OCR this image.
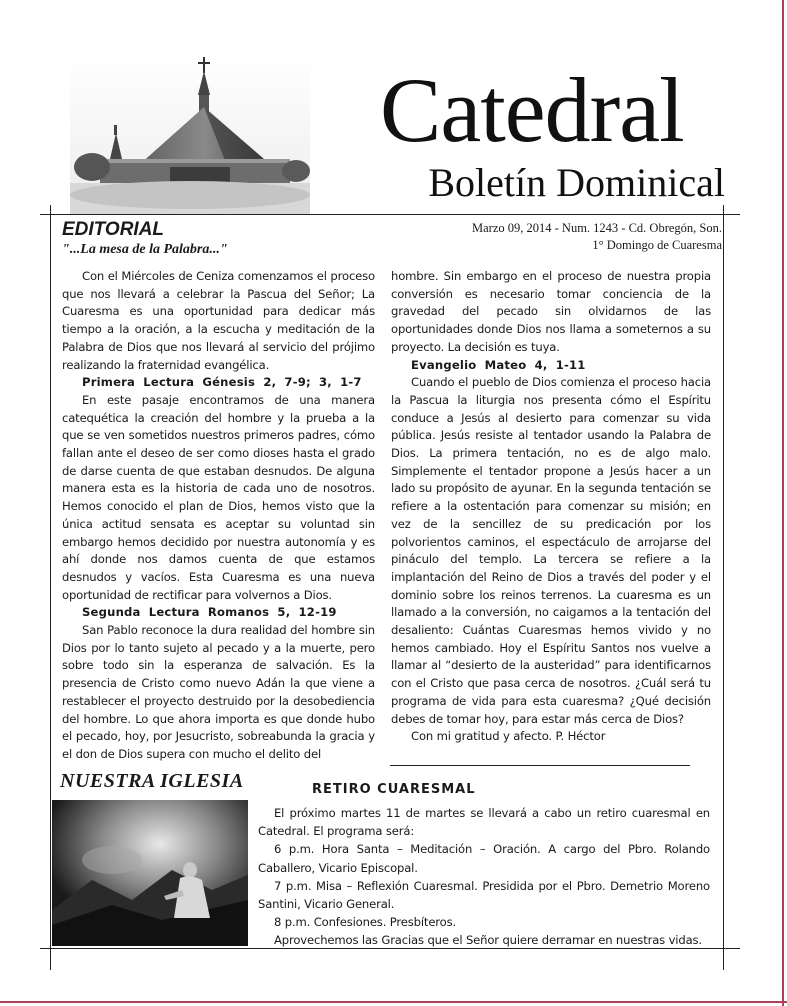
Catedral
Boletín Dominical
EDITORIAL
"...La mesa de la Palabra..."
Marzo 09, 2014 - Num. 1243 - Cd. Obregón, Son.
1° Domingo de Cuaresma

Con el Miércoles de Ceniza comenzamos el proceso que nos llevará a celebrar la Pascua del Señor; La Cuaresma es una oportunidad para dedicar más tiempo a la oración, a la escucha y meditación de la Palabra de Dios que nos llevará al servicio del prójimo realizando la fraternidad evangélica.

Primera Lectura Génesis 2, 7-9; 3, 1-7

En este pasaje encontramos de una manera catequética la creación del hombre y la prueba a la que se ven sometidos nuestros primeros padres, cómo fallan ante el deseo de ser como dioses hasta el grado de darse cuenta de que estaban desnudos. De alguna manera esta es la historia de cada uno de nosotros. Hemos conocido el plan de Dios, hemos visto que la única actitud sensata es aceptar su voluntad sin embargo hemos decidido por nuestra autonomía y es ahí donde nos damos cuenta de que estamos desnudos y vacíos. Esta Cuaresma es una nueva oportunidad de rectificar para volvernos a Dios.

Segunda Lectura Romanos 5, 12-19

San Pablo reconoce la dura realidad del hombre sin Dios por lo tanto sujeto al pecado y a la muerte, pero sobre todo sin la esperanza de salvación. Es la presencia de Cristo como nuevo Adán la que viene a restablecer el proyecto destruido por la desobediencia del hombre. Lo que ahora importa es que donde hubo el pecado, hoy, por Jesucristo, sobreabunda la gracia y el don de Dios supera con mucho el delito del

hombre. Sin embargo en el proceso de nuestra propia conversión es necesario tomar conciencia de la gravedad del pecado sin olvidarnos de las oportunidades donde Dios nos llama a someternos a su proyecto. La decisión es tuya.

Evangelio Mateo 4, 1-11

Cuando el pueblo de Dios comienza el proceso hacia la Pascua la liturgia nos presenta cómo el Espíritu conduce a Jesús al desierto para comenzar su vida pública. Jesús resiste al tentador usando la Palabra de Dios. La primera tentación, no es de algo malo. Simplemente el tentador propone a Jesús hacer a un lado su propósito de ayunar. En la segunda tentación se refiere a la ostentación para comenzar su misión; en vez de la sencillez de su predicación por los polvorientos caminos, el espectáculo de arrojarse del pináculo del templo. La tercera se refiere a la implantación del Reino de Dios a través del poder y el dominio sobre los reinos terrenos. La cuaresma es un llamado a la conversión, no caigamos a la tentación del desaliento: Cuántas Cuaresmas hemos vivido y no hemos cambiado. Hoy el Espíritu Santos nos vuelve a llamar al “desierto de la austeridad” para identificarnos con el Cristo que pasa cerca de nosotros. ¿Cuál será tu programa de vida para esta cuaresma? ¿Qué decisión debes de tomar hoy, para estar más cerca de Dios?

Con mi gratitud y afecto. P. Héctor

NUESTRA IGLESIA	RETIRO CUARESMAL

El próximo martes 11 de martes se llevará a cabo un retiro cuaresmal en Catedral. El programa será:

6 p.m. Hora Santa – Meditación – Oración. A cargo del Pbro. Rolando Caballero, Vicario Episcopal.

7 p.m. Misa – Reflexión Cuaresmal. Presidida por el Pbro. Demetrio Moreno Santini, Vicario General.

8 p.m. Confesiones. Presbíteros.

Aprovechemos las Gracias que el Señor quiere derramar en nuestras vidas.
